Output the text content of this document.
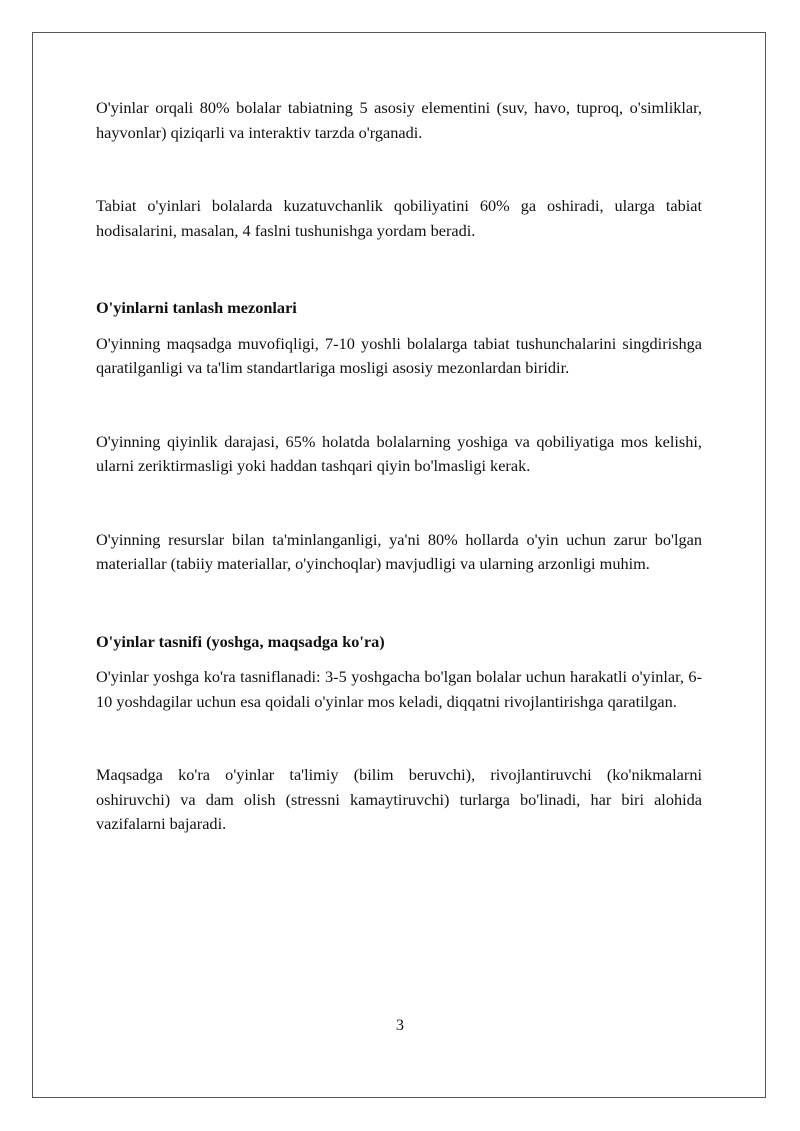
O'yinlar orqali 80% bolalar tabiatning 5 asosiy elementini (suv, havo, tuproq, o'simliklar, hayvonlar) qiziqarli va interaktiv tarzda o'rganadi.

Tabiat o'yinlari bolalarda kuzatuvchanlik qobiliyatini 60% ga oshiradi, ularga tabiat hodisalarini, masalan, 4 faslni tushunishga yordam beradi.

O'yinlarni tanlash mezonlari

O'yinning maqsadga muvofiqligi, 7-10 yoshli bolalarga tabiat tushunchalarini singdirishga qaratilganligi va ta'lim standartlariga mosligi asosiy mezonlardan biridir.

O'yinning qiyinlik darajasi, 65% holatda bolalarning yoshiga va qobiliyatiga mos kelishi, ularni zeriktirmasligi yoki haddan tashqari qiyin bo'lmasligi kerak.

O'yinning resurslar bilan ta'minlanganligi, ya'ni 80% hollarda o'yin uchun zarur bo'lgan materiallar (tabiiy materiallar, o'yinchoqlar) mavjudligi va ularning arzonligi muhim.

O'yinlar tasnifi (yoshga, maqsadga ko'ra)

O'yinlar yoshga ko'ra tasniflanadi: 3-5 yoshgacha bo'lgan bolalar uchun harakatli o'yinlar, 6-10 yoshdagilar uchun esa qoidali o'yinlar mos keladi, diqqatni rivojlantirishga qaratilgan.

Maqsadga ko'ra o'yinlar ta'limiy (bilim beruvchi), rivojlantiruvchi (ko'nikmalarni oshiruvchi) va dam olish (stressni kamaytiruvchi) turlarga bo'linadi, har biri alohida vazifalarni bajaradi.

3
